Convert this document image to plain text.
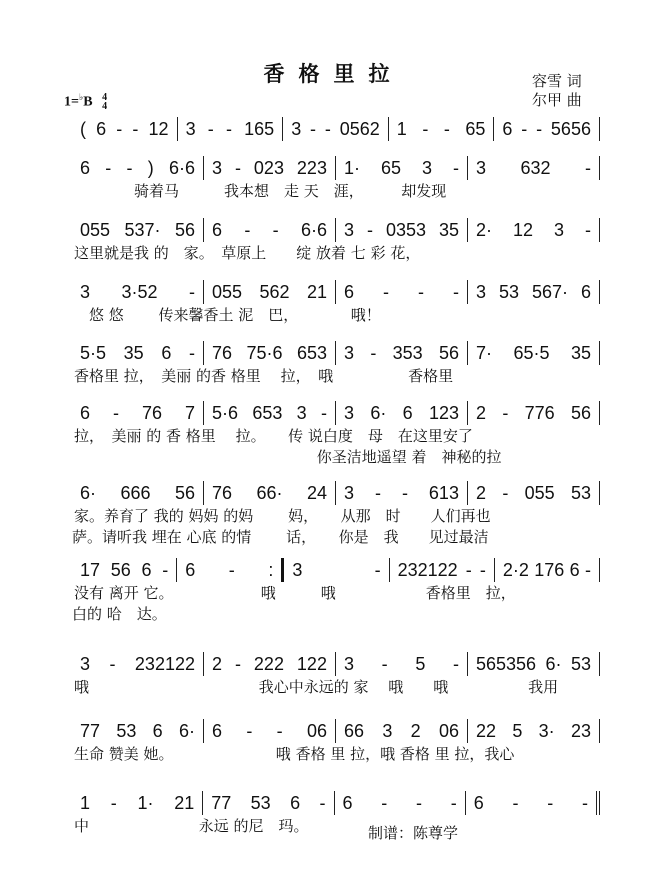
香格里拉	容雪 词
尔甲 曲
1=♭B 4
4
( 6 - - 12 3 - - 165 3 - - 0562 1 - - 65 6 - - 5656
6 - - ) 6·6 3 - 023 223 1· 65 3 - 3 632 -
　　　　骑着马　　　我本想　走 天　涯，　　　却发现
055 537· 56 6 - - 6·6 3 - 0353 35 2· 12 3 -
这里就是我 的　家。　草原上　　绽 放着 七 彩 花，
3 3·52 - 055 562 21 6 - - - 3 53 567· 6
　悠 悠　　 传来馨香土 泥　巴，　　　　哦！
5·5 35 6 - 76 75·6 653 3 - 353 56 7· 65·5 35
香格里 拉，　美丽 的香 格里　 拉，　哦　　　　　香格里
6 - 76 7 5·6 653 3 - 3 6· 6 123 2 - 776 56
拉，　美丽 的 香 格里　 拉。　　传 说白度　母　在这里安了
　　　　　　　　　　　　　　　　 你圣洁地遥望 着　神秘的拉
6· 666 56 76 66· 24 3 - - 613 2 - 055 53
家。养育了 我的 妈妈 的妈　　 妈，　　从那　时　　人们再也
萨。请听我 埋在 心底 的情　　 话，　　你是　我　　见过最洁
17 56 6 - 6 - : 3	- 232122 - - 2·2 176 6 -
没有 离开 它。　　　　　　 哦　　　哦　　　　　　香格里　拉，
白的 哈　达。
3 - 232122 2 - 222 122 3 - 5 - 565356 6· 53
哦　　　　　　　　　　　 我心中永远的 家　 哦　　哦　　　　　 我用
77 53 6 6· 6 - - 06 66 3 2 06 22 5 3· 23
生命 赞美 她。　　　　　　　 哦 香格 里 拉，哦 香格 里 拉，我心
1 - 1· 21 77 53 6 - 6 - - - 6 - - -
中　　　　　　　 永远 的尼　玛。	制谱：陈尊学
